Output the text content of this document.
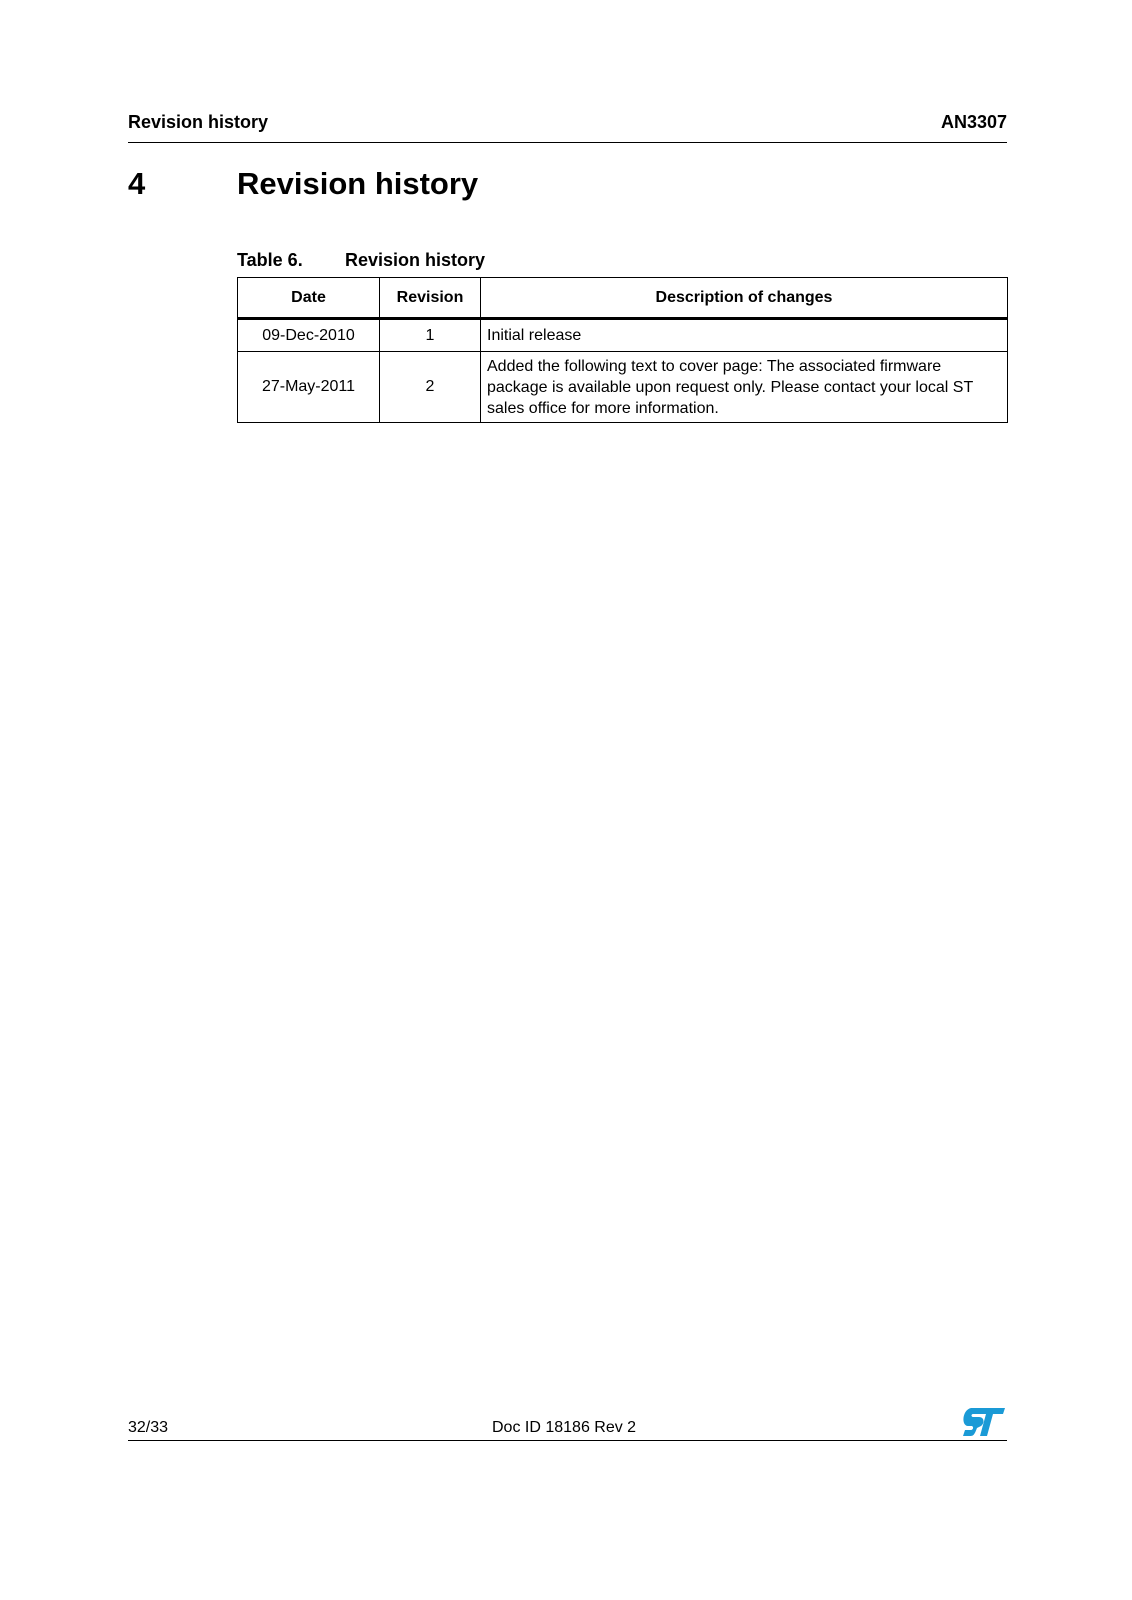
Revision history	AN3307
4	Revision history
Table 6. Revision history
Date	Revision	Description of changes
09-Dec-2010	1	Initial release
27-May-2011	2	Added the following text to cover page: The associated firmware package is available upon request only. Please contact your local ST sales office for more information.
32/33	Doc ID 18186 Rev 2
